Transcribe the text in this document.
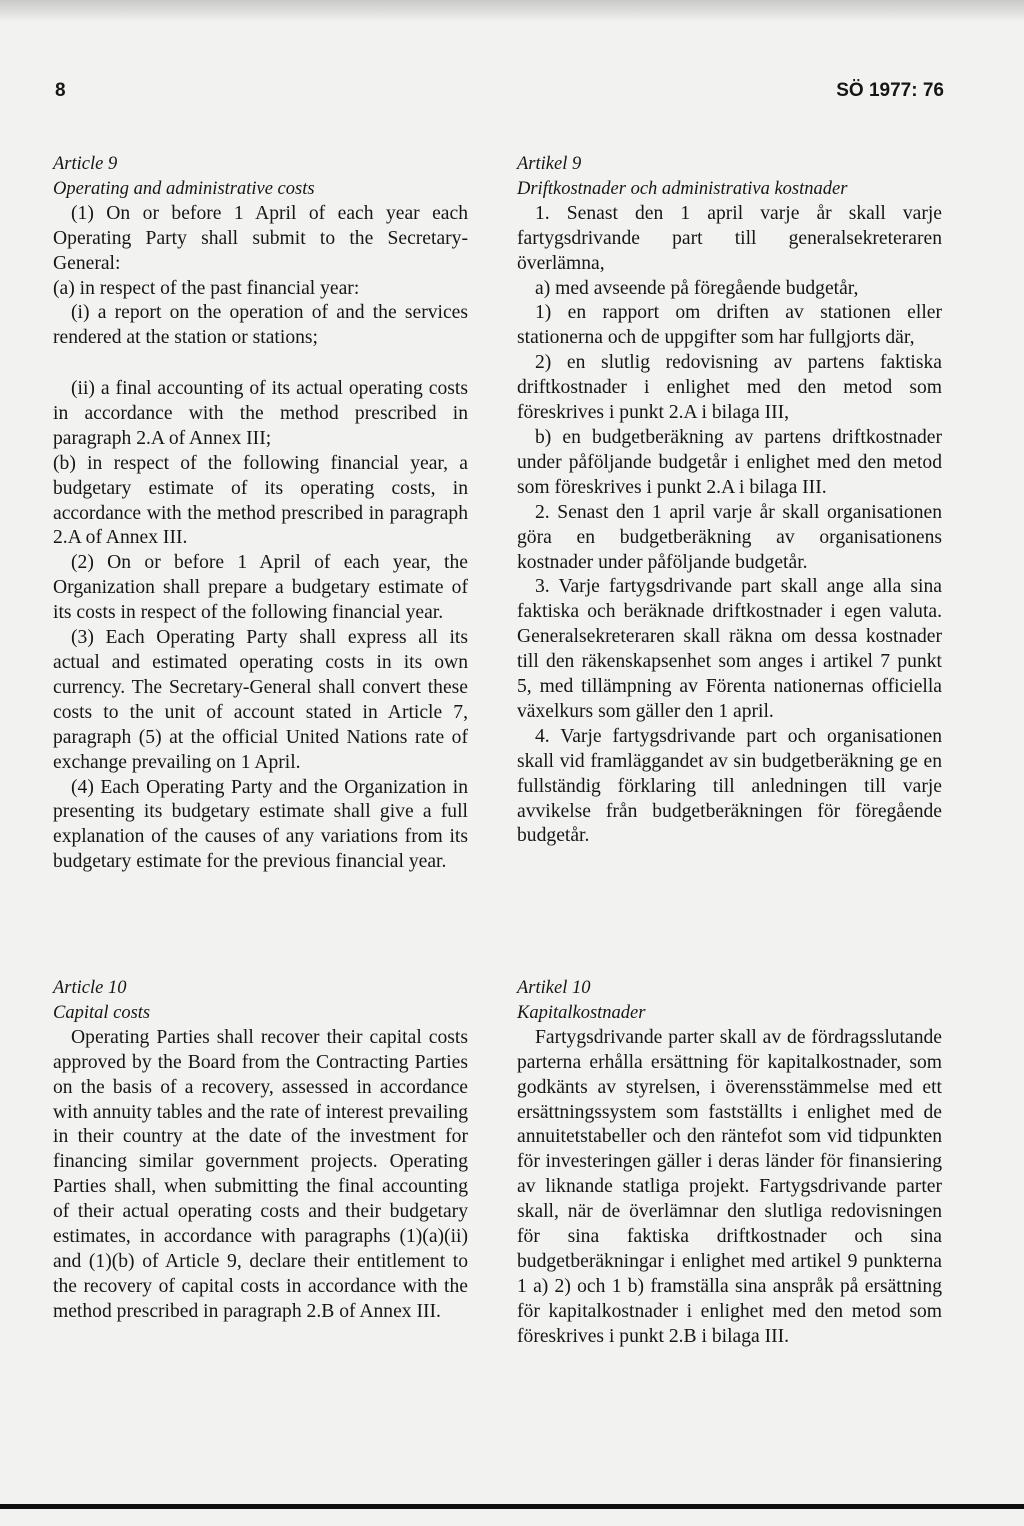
8	SÖ 1977: 76

Article 9

Operating and administrative costs

(1) On or before 1 April of each year each Operating Party shall submit to the Secretary-General:

(a) in respect of the past financial year:

(i) a report on the operation of and the services rendered at the station or stations;

(ii) a final accounting of its actual operating costs in accordance with the method prescribed in paragraph 2.A of Annex III;

(b) in respect of the following financial year, a budgetary estimate of its operating costs, in accordance with the method prescribed in paragraph 2.A of Annex III.

(2) On or before 1 April of each year, the Organization shall prepare a budgetary estimate of its costs in respect of the following financial year.

(3) Each Operating Party shall express all its actual and estimated operating costs in its own currency. The Secretary-General shall convert these costs to the unit of account stated in Article 7, paragraph (5) at the official United Nations rate of exchange prevailing on 1 April.

(4) Each Operating Party and the Organization in presenting its budgetary estimate shall give a full explanation of the causes of any variations from its budgetary estimate for the previous financial year.

Article 10

Capital costs

Operating Parties shall recover their capital costs approved by the Board from the Contracting Parties on the basis of a recovery, assessed in accordance with annuity tables and the rate of interest prevailing in their country at the date of the investment for financing similar government projects. Operating Parties shall, when submitting the final accounting of their actual operating costs and their budgetary estimates, in accordance with paragraphs (1)(a)(ii) and (1)(b) of Article 9, declare their entitlement to the recovery of capital costs in accordance with the method prescribed in paragraph 2.B of Annex III.

Artikel 9

Driftkostnader och administrativa kostnader

1. Senast den 1 april varje år skall varje fartygsdrivande part till generalsekreteraren överlämna,

a) med avseende på föregående budgetår,

1) en rapport om driften av stationen eller stationerna och de uppgifter som har fullgjorts där,

2) en slutlig redovisning av partens faktiska driftkostnader i enlighet med den metod som föreskrives i punkt 2.A i bilaga III,

b) en budgetberäkning av partens driftkostnader under påföljande budgetår i enlighet med den metod som föreskrives i punkt 2.A i bilaga III.

2. Senast den 1 april varje år skall organisationen göra en budgetberäkning av organisationens kostnader under påföljande budgetår.

3. Varje fartygsdrivande part skall ange alla sina faktiska och beräknade driftkostnader i egen valuta. Generalsekreteraren skall räkna om dessa kostnader till den räkenskapsenhet som anges i artikel 7 punkt 5, med tillämpning av Förenta nationernas officiella växelkurs som gäller den 1 april.

4. Varje fartygsdrivande part och organisationen skall vid framläggandet av sin budgetberäkning ge en fullständig förklaring till anledningen till varje avvikelse från budgetberäkningen för föregående budgetår.

Artikel 10

Kapitalkostnader

Fartygsdrivande parter skall av de fördragsslutande parterna erhålla ersättning för kapitalkostnader, som godkänts av styrelsen, i överensstämmelse med ett ersättningssystem som fastställts i enlighet med de annuitetstabeller och den räntefot som vid tidpunkten för investeringen gäller i deras länder för finansiering av liknande statliga projekt. Fartygsdrivande parter skall, när de överlämnar den slutliga redovisningen för sina faktiska driftkostnader och sina budgetberäkningar i enlighet med artikel 9 punkterna 1 a) 2) och 1 b) framställa sina anspråk på ersättning för kapitalkostnader i enlighet med den metod som föreskrives i punkt 2.B i bilaga III.
